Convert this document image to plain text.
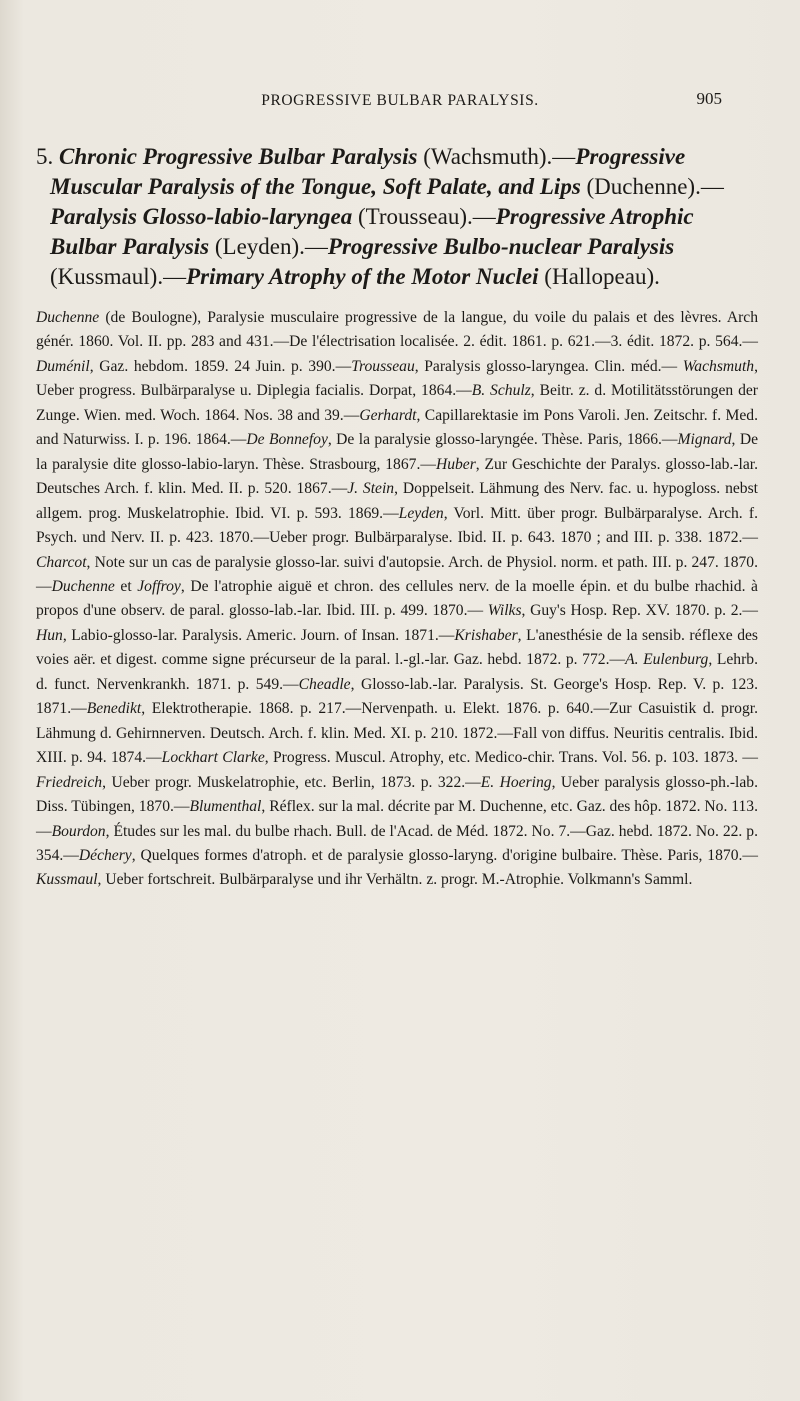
PROGRESSIVE BULBAR PARALYSIS.	905

5. Chronic Progressive Bulbar Paralysis (Wachsmuth).—Progressive Muscular Paralysis of the Tongue, Soft Palate, and Lips (Duchenne).—Paralysis Glosso-labio-laryngea (Trousseau).—Progressive Atrophic Bulbar Paralysis (Leyden).—Progressive Bulbo-nuclear Paralysis (Kussmaul).—Primary Atrophy of the Motor Nuclei (Hallopeau).

Duchenne (de Boulogne), Paralysie musculaire progressive de la langue, du voile du palais et des lèvres. Arch génér. 1860. Vol. II. pp. 283 and 431.—De l'électrisation localisée. 2. édit. 1861. p. 621.—3. édit. 1872. p. 564.—Duménil, Gaz. hebdom. 1859. 24 Juin. p. 390.—Trousseau, Paralysis glosso-laryngea. Clin. méd.— Wachsmuth, Ueber progress. Bulbärparalyse u. Diplegia facialis. Dorpat, 1864.—B. Schulz, Beitr. z. d. Motilitätsstörungen der Zunge. Wien. med. Woch. 1864. Nos. 38 and 39.—Gerhardt, Capillarektasie im Pons Varoli. Jen. Zeitschr. f. Med. and Naturwiss. I. p. 196. 1864.—De Bonnefoy, De la paralysie glosso-laryngée. Thèse. Paris, 1866.—Mignard, De la paralysie dite glosso-labio-laryn. Thèse. Strasbourg, 1867.—Huber, Zur Geschichte der Paralys. glosso-lab.-lar. Deutsches Arch. f. klin. Med. II. p. 520. 1867.—J. Stein, Doppelseit. Lähmung des Nerv. fac. u. hypogloss. nebst allgem. prog. Muskelatrophie. Ibid. VI. p. 593. 1869.—Leyden, Vorl. Mitt. über progr. Bulbärparalyse. Arch. f. Psych. und Nerv. II. p. 423. 1870.—Ueber progr. Bulbärparalyse. Ibid. II. p. 643. 1870 ; and III. p. 338. 1872.—Charcot, Note sur un cas de paralysie glosso-lar. suivi d'autopsie. Arch. de Physiol. norm. et path. III. p. 247. 1870. —Duchenne et Joffroy, De l'atrophie aiguë et chron. des cellules nerv. de la moelle épin. et du bulbe rhachid. à propos d'une observ. de paral. glosso-lab.-lar. Ibid. III. p. 499. 1870.— Wilks, Guy's Hosp. Rep. XV. 1870. p. 2.—Hun, Labio-glosso-lar. Paralysis. Americ. Journ. of Insan. 1871.—Krishaber, L'anesthésie de la sensib. réflexe des voies aër. et digest. comme signe précurseur de la paral. l.-gl.-lar. Gaz. hebd. 1872. p. 772.—A. Eulenburg, Lehrb. d. funct. Nervenkrankh. 1871. p. 549.—Cheadle, Glosso-lab.-lar. Paralysis. St. George's Hosp. Rep. V. p. 123. 1871.—Benedikt, Elektrotherapie. 1868. p. 217.—Nervenpath. u. Elekt. 1876. p. 640.—Zur Casuistik d. progr. Lähmung d. Gehirnnerven. Deutsch. Arch. f. klin. Med. XI. p. 210. 1872.—Fall von diffus. Neuritis centralis. Ibid. XIII. p. 94. 1874.—Lockhart Clarke, Progress. Muscul. Atrophy, etc. Medico-chir. Trans. Vol. 56. p. 103. 1873. — Friedreich, Ueber progr. Muskelatrophie, etc. Berlin, 1873. p. 322.—E. Hoering, Ueber paralysis glosso-ph.-lab. Diss. Tübingen, 1870.—Blumenthal, Réflex. sur la mal. décrite par M. Duchenne, etc. Gaz. des hôp. 1872. No. 113.—Bourdon, Études sur les mal. du bulbe rhach. Bull. de l'Acad. de Méd. 1872. No. 7.—Gaz. hebd. 1872. No. 22. p. 354.—Déchery, Quelques formes d'atroph. et de paralysie glosso-laryng. d'origine bulbaire. Thèse. Paris, 1870.—Kussmaul, Ueber fortschreit. Bulbärparalyse und ihr Verhältn. z. progr. M.-Atrophie. Volkmann's Samml.
